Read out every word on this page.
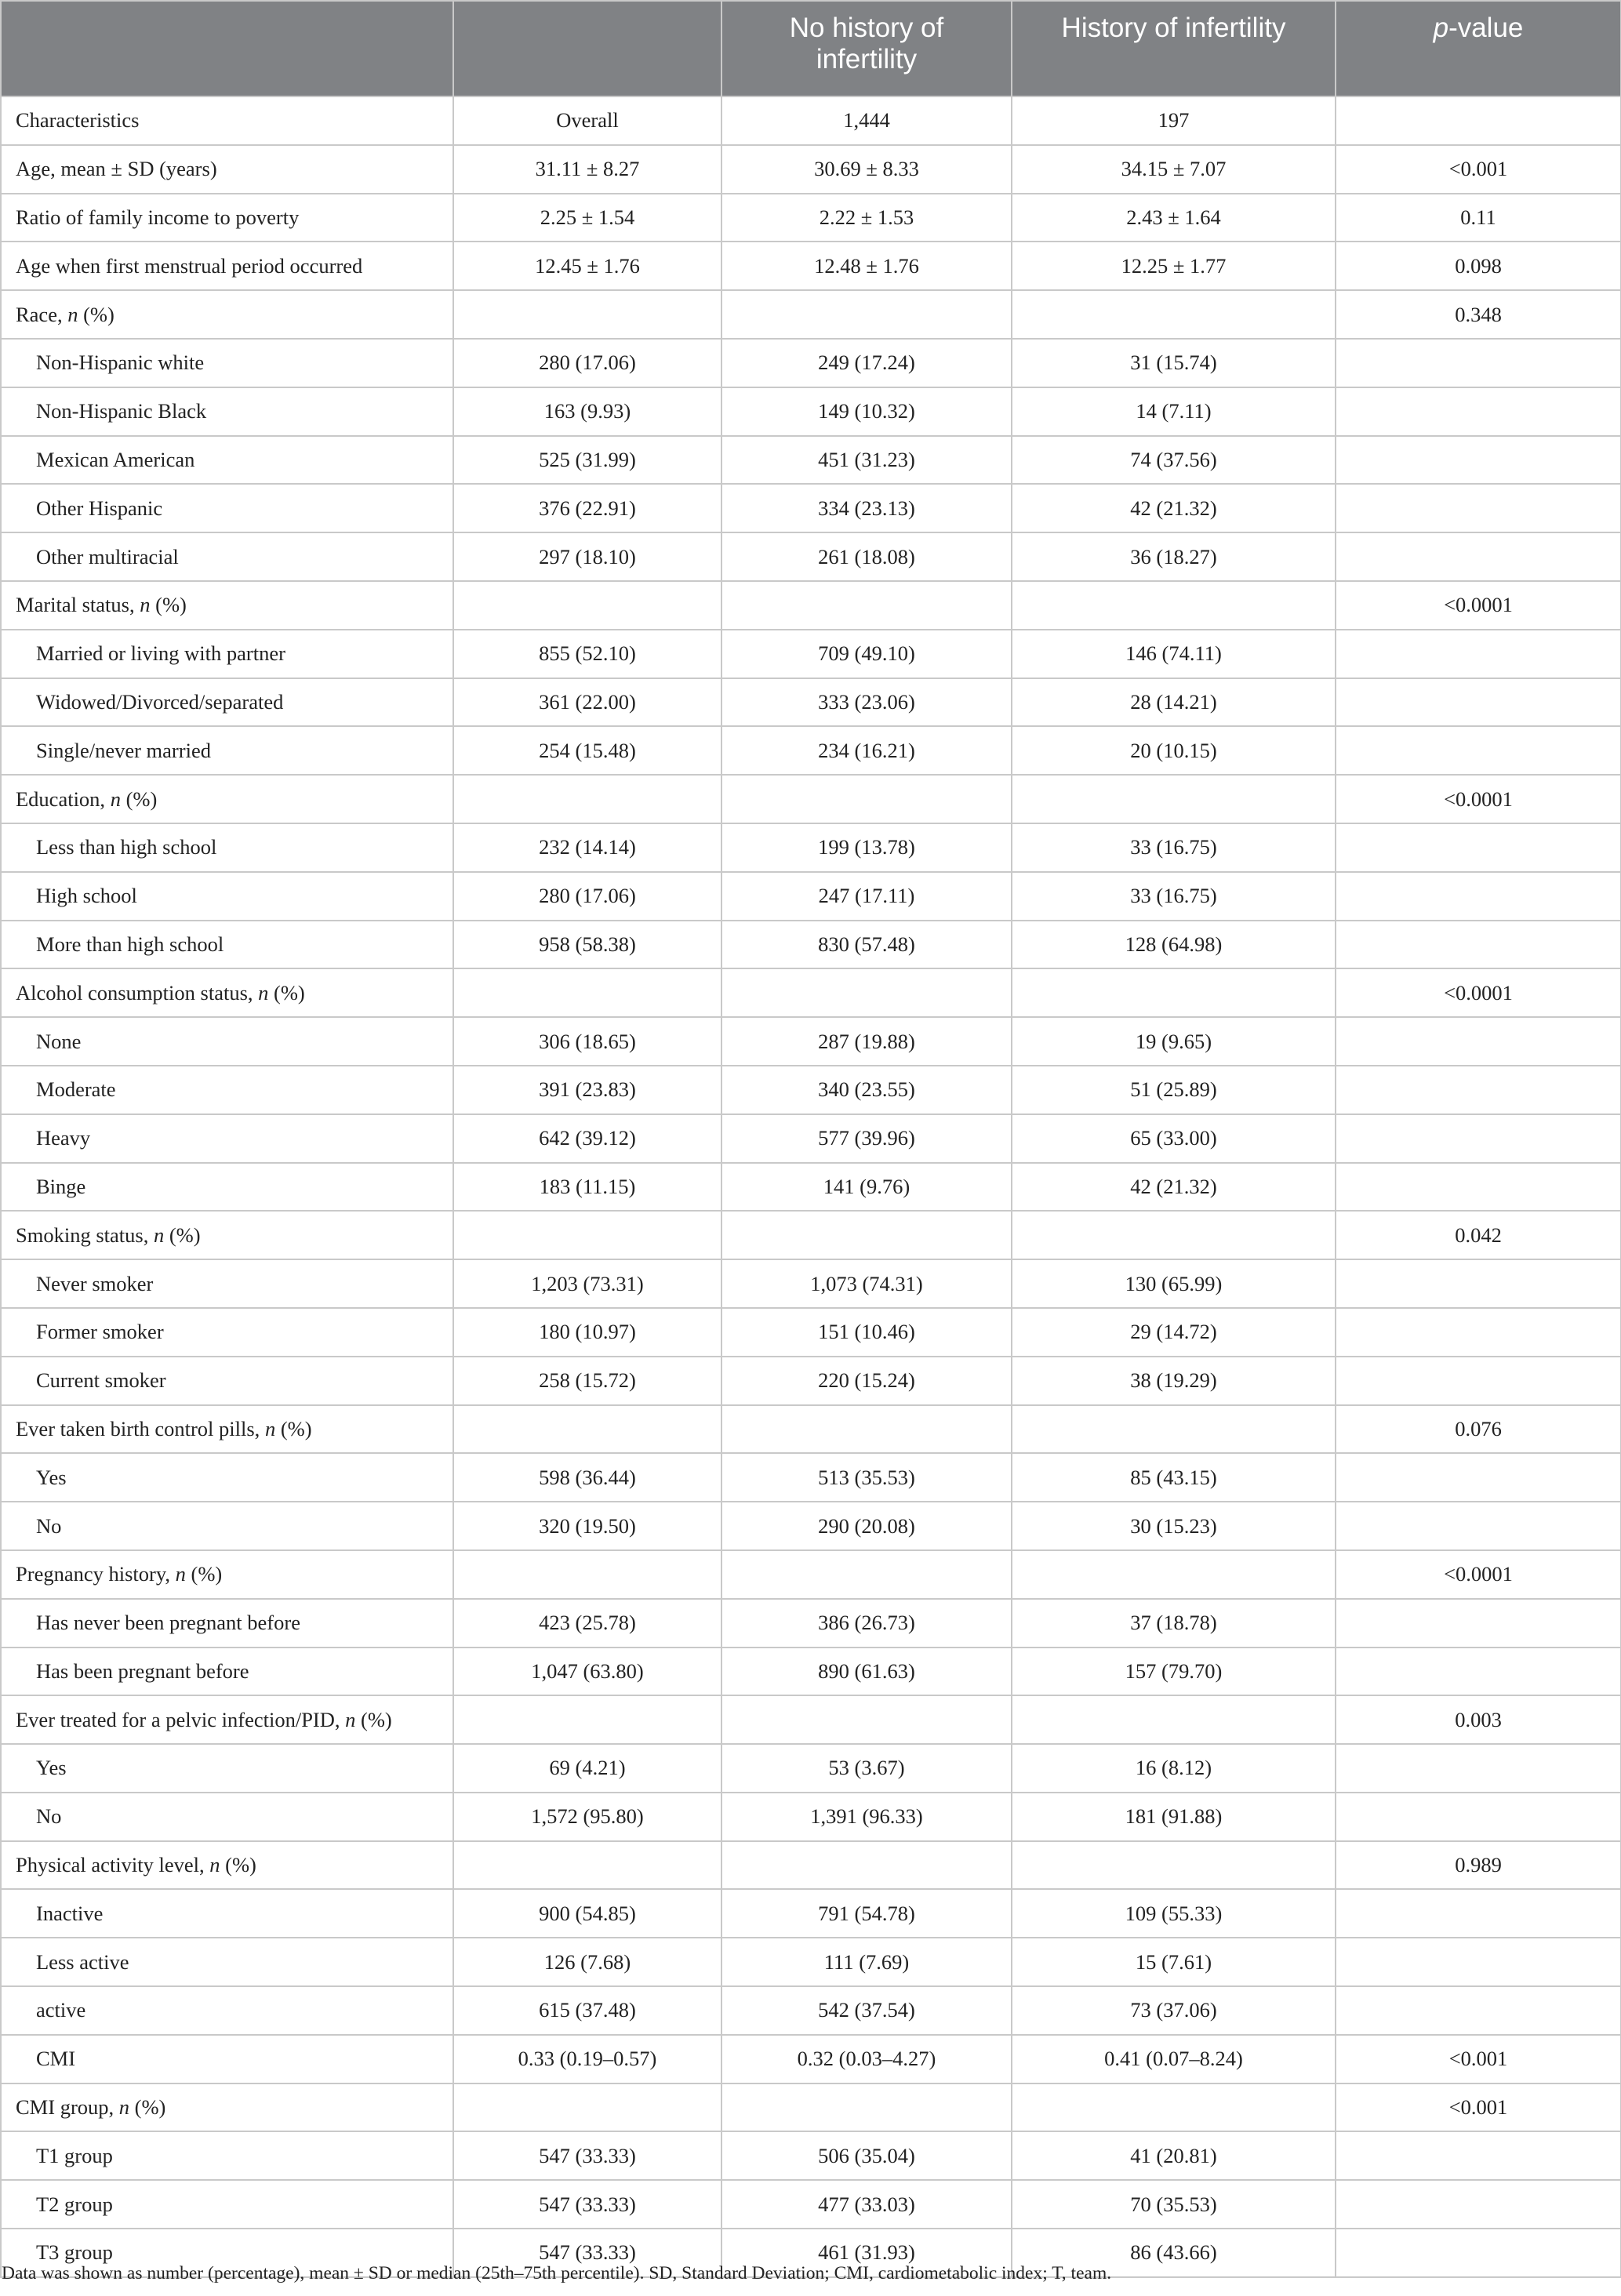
		No history of infertility	History of infertility	p-value
Characteristics	Overall	1,444	197	
Age, mean ± SD (years)	31.11 ± 8.27	30.69 ± 8.33	34.15 ± 7.07	<0.001
Ratio of family income to poverty	2.25 ± 1.54	2.22 ± 1.53	2.43 ± 1.64	0.11
Age when first menstrual period occurred	12.45 ± 1.76	12.48 ± 1.76	12.25 ± 1.77	0.098
Race, n (%)				0.348
Non-Hispanic white	280 (17.06)	249 (17.24)	31 (15.74)	
Non-Hispanic Black	163 (9.93)	149 (10.32)	14 (7.11)	
Mexican American	525 (31.99)	451 (31.23)	74 (37.56)	
Other Hispanic	376 (22.91)	334 (23.13)	42 (21.32)	
Other multiracial	297 (18.10)	261 (18.08)	36 (18.27)	
Marital status, n (%)				<0.0001
Married or living with partner	855 (52.10)	709 (49.10)	146 (74.11)	
Widowed/Divorced/separated	361 (22.00)	333 (23.06)	28 (14.21)	
Single/never married	254 (15.48)	234 (16.21)	20 (10.15)	
Education, n (%)				<0.0001
Less than high school	232 (14.14)	199 (13.78)	33 (16.75)	
High school	280 (17.06)	247 (17.11)	33 (16.75)	
More than high school	958 (58.38)	830 (57.48)	128 (64.98)	
Alcohol consumption status, n (%)				<0.0001
None	306 (18.65)	287 (19.88)	19 (9.65)	
Moderate	391 (23.83)	340 (23.55)	51 (25.89)	
Heavy	642 (39.12)	577 (39.96)	65 (33.00)	
Binge	183 (11.15)	141 (9.76)	42 (21.32)	
Smoking status, n (%)				0.042
Never smoker	1,203 (73.31)	1,073 (74.31)	130 (65.99)	
Former smoker	180 (10.97)	151 (10.46)	29 (14.72)	
Current smoker	258 (15.72)	220 (15.24)	38 (19.29)	
Ever taken birth control pills, n (%)				0.076
Yes	598 (36.44)	513 (35.53)	85 (43.15)	
No	320 (19.50)	290 (20.08)	30 (15.23)	
Pregnancy history, n (%)				<0.0001
Has never been pregnant before	423 (25.78)	386 (26.73)	37 (18.78)	
Has been pregnant before	1,047 (63.80)	890 (61.63)	157 (79.70)	
Ever treated for a pelvic infection/PID, n (%)				0.003
Yes	69 (4.21)	53 (3.67)	16 (8.12)	
No	1,572 (95.80)	1,391 (96.33)	181 (91.88)	
Physical activity level, n (%)				0.989
Inactive	900 (54.85)	791 (54.78)	109 (55.33)	
Less active	126 (7.68)	111 (7.69)	15 (7.61)	
active	615 (37.48)	542 (37.54)	73 (37.06)	
CMI	0.33 (0.19–0.57)	0.32 (0.03–4.27)	0.41 (0.07–8.24)	<0.001
CMI group, n (%)				<0.001
T1 group	547 (33.33)	506 (35.04)	41 (20.81)	
T2 group	547 (33.33)	477 (33.03)	70 (35.53)	
T3 group	547 (33.33)	461 (31.93)	86 (43.66)	
Data was shown as number (percentage), mean ± SD or median (25th–75th percentile). SD, Standard Deviation; CMI, cardiometabolic index; T, team.
